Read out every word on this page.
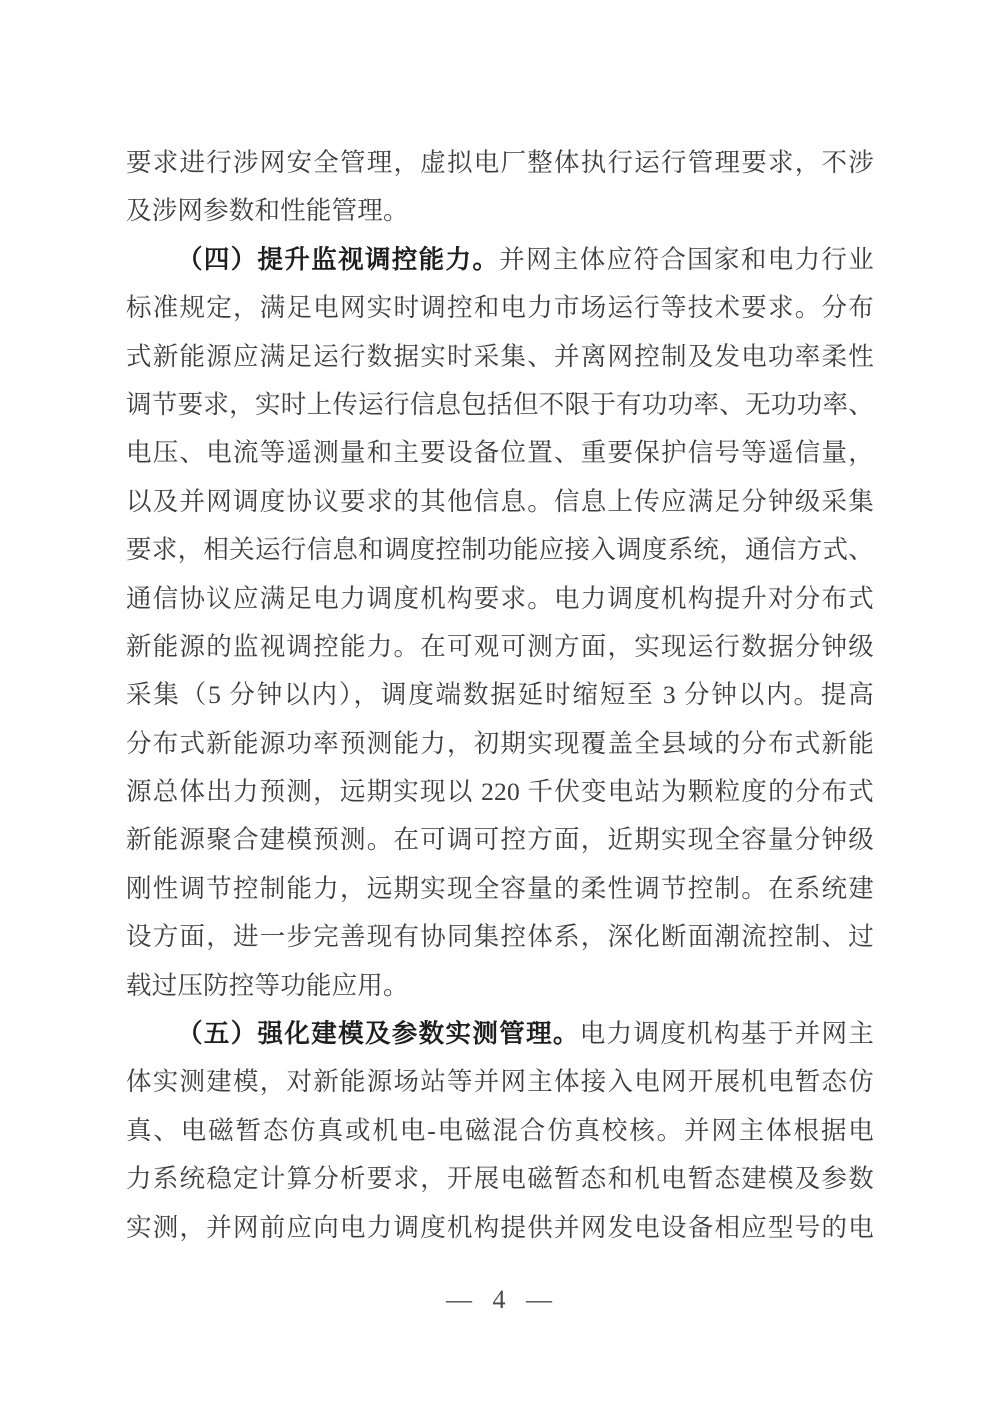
要求进行涉网安全管理，虚拟电厂整体执行运行管理要求，不涉

及涉网参数和性能管理。

（四）提升监视调控能力。并网主体应符合国家和电力行业

标准规定，满足电网实时调控和电力市场运行等技术要求。分布

式新能源应满足运行数据实时采集、并离网控制及发电功率柔性

调节要求，实时上传运行信息包括但不限于有功功率、无功功率、

电压、电流等遥测量和主要设备位置、重要保护信号等遥信量，

以及并网调度协议要求的其他信息。信息上传应满足分钟级采集

要求，相关运行信息和调度控制功能应接入调度系统，通信方式、

通信协议应满足电力调度机构要求。电力调度机构提升对分布式

新能源的监视调控能力。在可观可测方面，实现运行数据分钟级

采集（5 分钟以内），调度端数据延时缩短至 3 分钟以内。提高

分布式新能源功率预测能力，初期实现覆盖全县域的分布式新能

源总体出力预测，远期实现以 220 千伏变电站为颗粒度的分布式

新能源聚合建模预测。在可调可控方面，近期实现全容量分钟级

刚性调节控制能力，远期实现全容量的柔性调节控制。在系统建

设方面，进一步完善现有协同集控体系，深化断面潮流控制、过

载过压防控等功能应用。

（五）强化建模及参数实测管理。电力调度机构基于并网主

体实测建模，对新能源场站等并网主体接入电网开展机电暂态仿

真、电磁暂态仿真或机电-电磁混合仿真校核。并网主体根据电

力系统稳定计算分析要求，开展电磁暂态和机电暂态建模及参数

实测，并网前应向电力调度机构提供并网发电设备相应型号的电

— 4 —
